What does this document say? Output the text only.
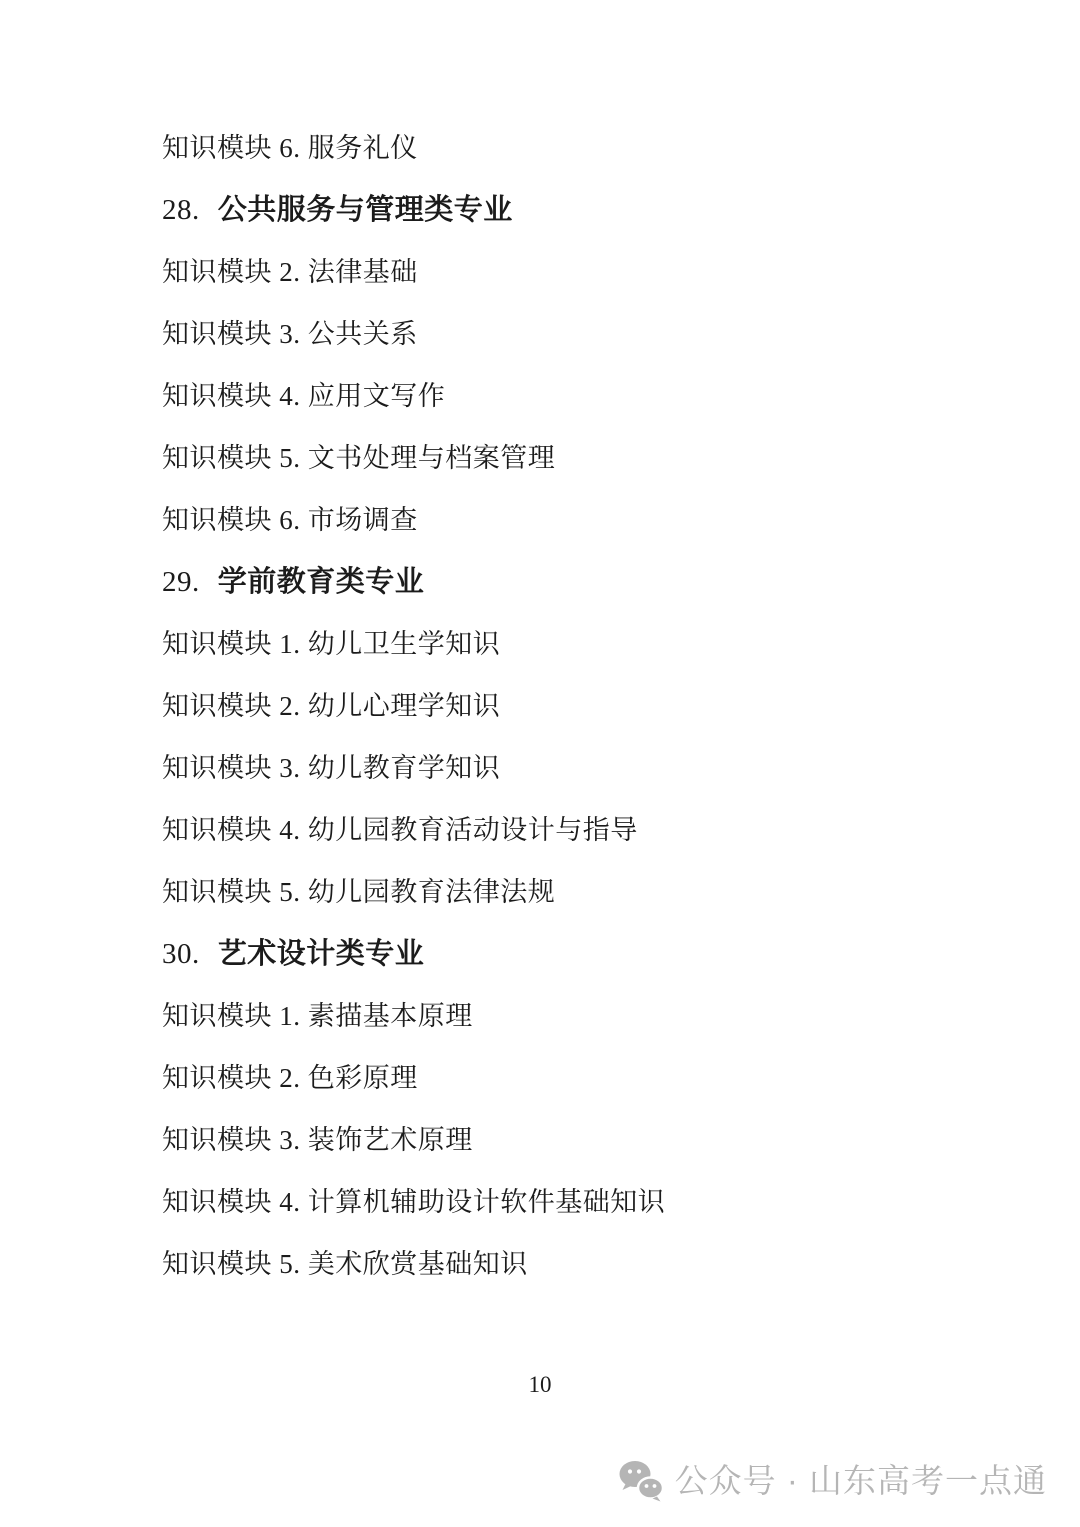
知识模块 6. 服务礼仪
28. 公共服务与管理类专业
知识模块 2. 法律基础
知识模块 3. 公共关系
知识模块 4. 应用文写作
知识模块 5. 文书处理与档案管理
知识模块 6. 市场调查
29. 学前教育类专业
知识模块 1. 幼儿卫生学知识
知识模块 2. 幼儿心理学知识
知识模块 3. 幼儿教育学知识
知识模块 4. 幼儿园教育活动设计与指导
知识模块 5. 幼儿园教育法律法规
30. 艺术设计类专业
知识模块 1. 素描基本原理
知识模块 2. 色彩原理
知识模块 3. 装饰艺术原理
知识模块 4. 计算机辅助设计软件基础知识
知识模块 5. 美术欣赏基础知识
10
公众号 · 山东高考一点通
